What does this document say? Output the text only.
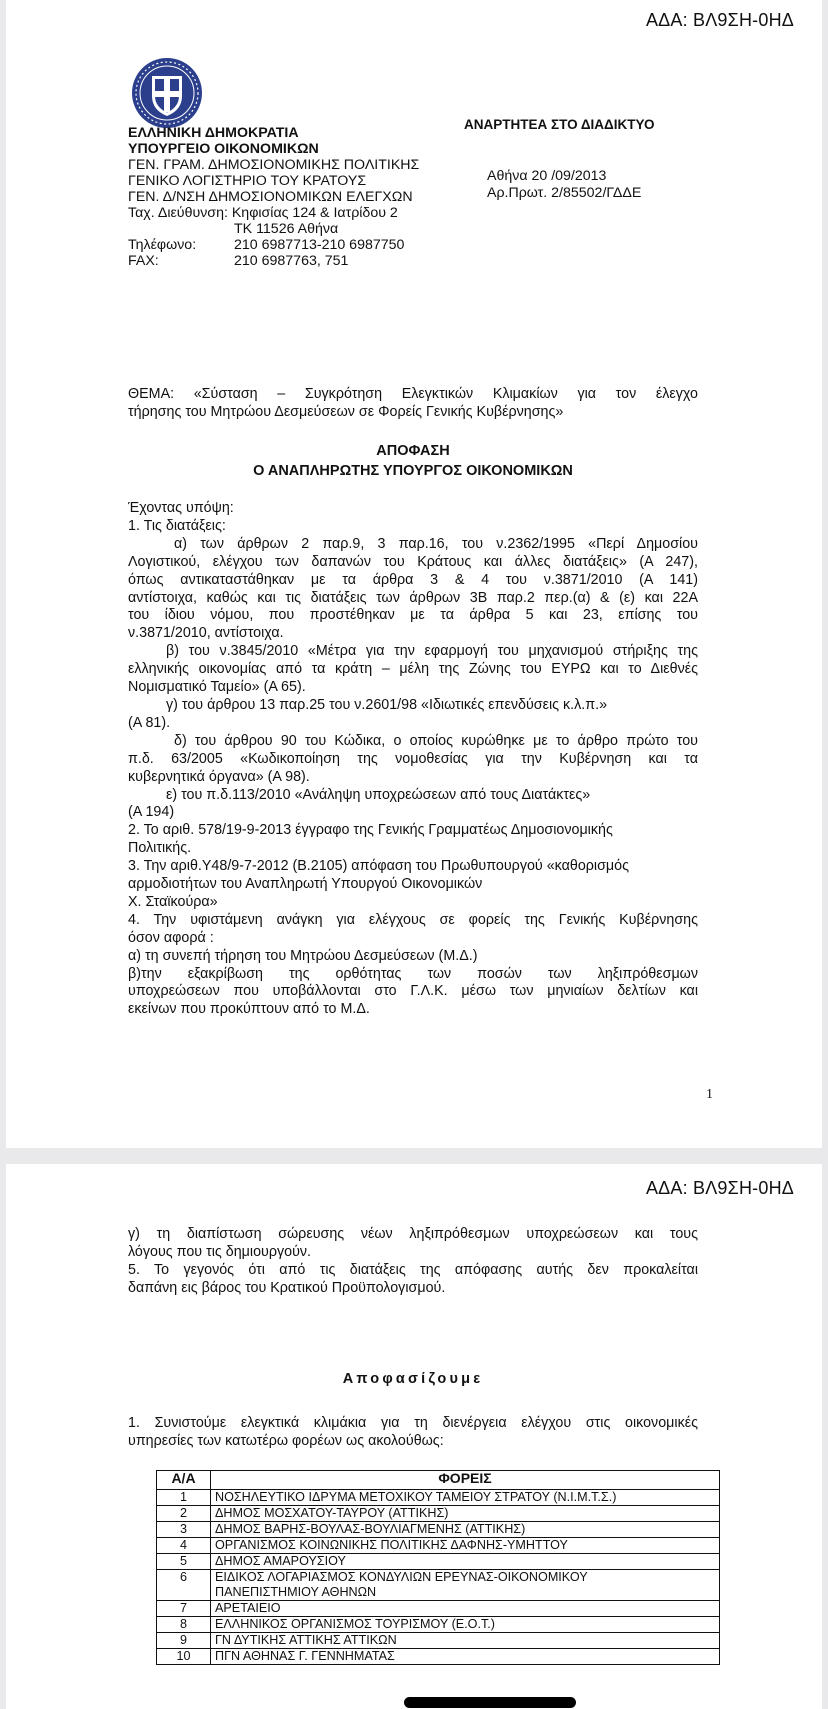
ΑΔΑ: ΒΛ9ΣΗ-0ΗΔ
ΕΛΛΗΝΙΚΗ ΔΗΜΟΚΡΑΤΙΑ
ΥΠΟΥΡΓΕΙΟ ΟΙΚΟΝΟΜΙΚΩΝ
ΓΕΝ. ΓΡΑΜ. ΔΗΜΟΣΙΟΝΟΜΙΚΗΣ ΠΟΛΙΤΙΚΗΣ
ΓΕΝΙΚΟ ΛΟΓΙΣΤΗΡΙΟ ΤΟΥ ΚΡΑΤΟΥΣ
ΓΕΝ. Δ/ΝΣΗ ΔΗΜΟΣΙΟΝΟΜΙΚΩΝ ΕΛΕΓΧΩΝ
Ταχ. Διεύθυνση: Κηφισίας 124 & Ιατρίδου 2
ΤΚ 11526 Αθήνα
Τηλέφωνο:	210 6987713-210 6987750
FAX:	210 6987763, 751
ΑΝΑΡΤΗΤΕΑ ΣΤΟ ΔΙΑΔΙΚΤΥΟ
Αθήνα 20 /09/2013
Αρ.Πρωτ. 2/85502/ΓΔΔΕ
ΘΕΜΑ: «Σύσταση – Συγκρότηση Ελεγκτικών Κλιμακίων για τον έλεγχο
τήρησης του Μητρώου Δεσμεύσεων σε Φορείς Γενικής Κυβέρνησης»
ΑΠΟΦΑΣΗ
Ο ΑΝΑΠΛΗΡΩΤΗΣ ΥΠΟΥΡΓΟΣ ΟΙΚΟΝΟΜΙΚΩΝ
Έχοντας υπόψη:
1. Τις διατάξεις:
α) των άρθρων 2 παρ.9, 3 παρ.16, του ν.2362/1995 «Περί Δημοσίου
Λογιστικού, ελέγχου των δαπανών του Κράτους και άλλες διατάξεις» (Α 247),
όπως αντικαταστάθηκαν με τα άρθρα 3 & 4 του ν.3871/2010 (Α 141)
αντίστοιχα, καθώς και τις διατάξεις των άρθρων 3Β παρ.2 περ.(α) & (ε) και 22Α
του ίδιου νόμου, που προστέθηκαν με τα άρθρα 5 και 23, επίσης του
ν.3871/2010, αντίστοιχα.
β) του ν.3845/2010 «Μέτρα για την εφαρμογή του μηχανισμού στήριξης της
ελληνικής οικονομίας από τα κράτη – μέλη της Ζώνης του ΕΥΡΩ και το Διεθνές
Νομισματικό Ταμείο» (Α 65).
γ) του άρθρου 13 παρ.25 του ν.2601/98 «Ιδιωτικές επενδύσεις κ.λ.π.»
(Α 81).
δ) του άρθρου 90 του Κώδικα, ο οποίος κυρώθηκε με το άρθρο πρώτο του
π.δ. 63/2005 «Κωδικοποίηση της νομοθεσίας για την Κυβέρνηση και τα
κυβερνητικά όργανα» (Α 98).
ε) του π.δ.113/2010 «Ανάληψη υποχρεώσεων από τους Διατάκτες»
(Α 194)
2. Το αριθ. 578/19-9-2013 έγγραφο της Γενικής Γραμματέως Δημοσιονομικής
Πολιτικής.
3. Την αριθ.Υ48/9-7-2012 (Β.2105) απόφαση του Πρωθυπουργού «καθορισμός
αρμοδιοτήτων του Αναπληρωτή Υπουργού Οικονομικών
Χ. Σταϊκούρα»
4. Την υφιστάμενη ανάγκη για ελέγχους σε φορείς της Γενικής Κυβέρνησης
όσον αφορά :
α) τη συνεπή τήρηση του Μητρώου Δεσμεύσεων (Μ.Δ.)
β)την εξακρίβωση της ορθότητας των ποσών των ληξιπρόθεσμων
υποχρεώσεων που υποβάλλονται στο Γ.Λ.Κ. μέσω των μηνιαίων δελτίων και
εκείνων που προκύπτουν από το Μ.Δ.
1
ΑΔΑ: ΒΛ9ΣΗ-0ΗΔ
γ) τη διαπίστωση σώρευσης νέων ληξιπρόθεσμων υποχρεώσεων και τους
λόγους που τις δημιουργούν.
5. Το γεγονός ότι από τις διατάξεις της απόφασης αυτής δεν προκαλείται
δαπάνη εις βάρος του Κρατικού Προϋπολογισμού.
Αποφασίζουμε
1. Συνιστούμε ελεγκτικά κλιμάκια για τη διενέργεια ελέγχου στις οικονομικές
υπηρεσίες των κατωτέρω φορέων ως ακολούθως:
Α/Α	ΦΟΡΕΙΣ
1	ΝΟΣΗΛΕΥΤΙΚΟ ΙΔΡΥΜΑ ΜΕΤΟΧΙΚΟΥ ΤΑΜΕΙΟΥ ΣΤΡΑΤΟΥ (Ν.Ι.Μ.Τ.Σ.)
2	ΔΗΜΟΣ ΜΟΣΧΑΤΟΥ-ΤΑΥΡΟΥ (ΑΤΤΙΚΗΣ)
3	ΔΗΜΟΣ ΒΑΡΗΣ-ΒΟΥΛΑΣ-ΒΟΥΛΙΑΓΜΕΝΗΣ (ΑΤΤΙΚΗΣ)
4	ΟΡΓΑΝΙΣΜΟΣ ΚΟΙΝΩΝΙΚΗΣ ΠΟΛΙΤΙΚΗΣ ΔΑΦΝΗΣ-ΥΜΗΤΤΟΥ
5	ΔΗΜΟΣ ΑΜΑΡΟΥΣΙΟΥ
6	ΕΙΔΙΚΟΣ ΛΟΓΑΡΙΑΣΜΟΣ ΚΟΝΔΥΛΙΩΝ ΕΡΕΥΝΑΣ-ΟΙΚΟΝΟΜΙΚΟΥ
ΠΑΝΕΠΙΣΤΗΜΙΟΥ ΑΘΗΝΩΝ
7	ΑΡΕΤΑΙΕΙΟ
8	ΕΛΛΗΝΙΚΟΣ ΟΡΓΑΝΙΣΜΟΣ ΤΟΥΡΙΣΜΟΥ (Ε.Ο.Τ.)
9	ΓΝ ΔΥΤΙΚΗΣ ΑΤΤΙΚΗΣ ΑΤΤΙΚΩΝ
10	ΠΓΝ ΑΘΗΝΑΣ Γ. ΓΕΝΝΗΜΑΤΑΣ
